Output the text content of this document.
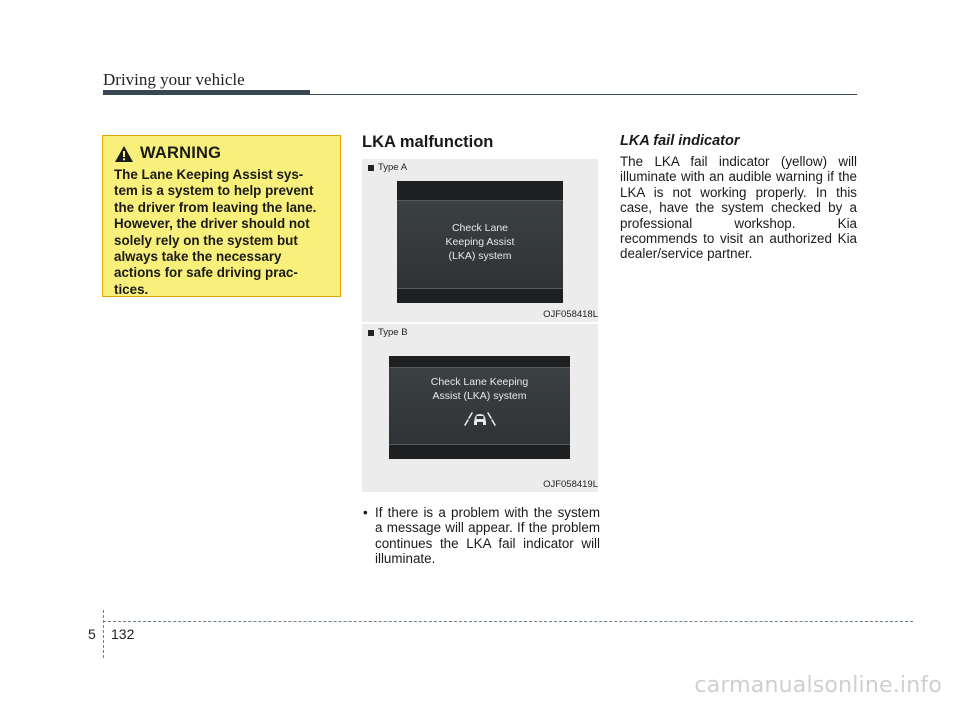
Driving your vehicle
WARNING
The Lane Keeping Assist sys-
tem is a system to help prevent
the driver from leaving the lane.
However, the driver should not
solely rely on the system but
always take the necessary
actions for safe driving prac-
tices.
LKA malfunction
Type A
Check Lane
Keeping Assist
(LKA) system
OJF058418L
Type B
Check Lane Keeping
Assist (LKA) system
OJF058419L
• If there is a problem with the system a message will appear. If the problem continues the LKA fail indicator will illuminate.
LKA fail indicator
The LKA fail indicator (yellow) will illuminate with an audible warning if the LKA is not working properly. In this case, have the system checked by a professional workshop. Kia recommends to visit an authorized Kia dealer/service partner.
5 132
carmanualsonline.info
